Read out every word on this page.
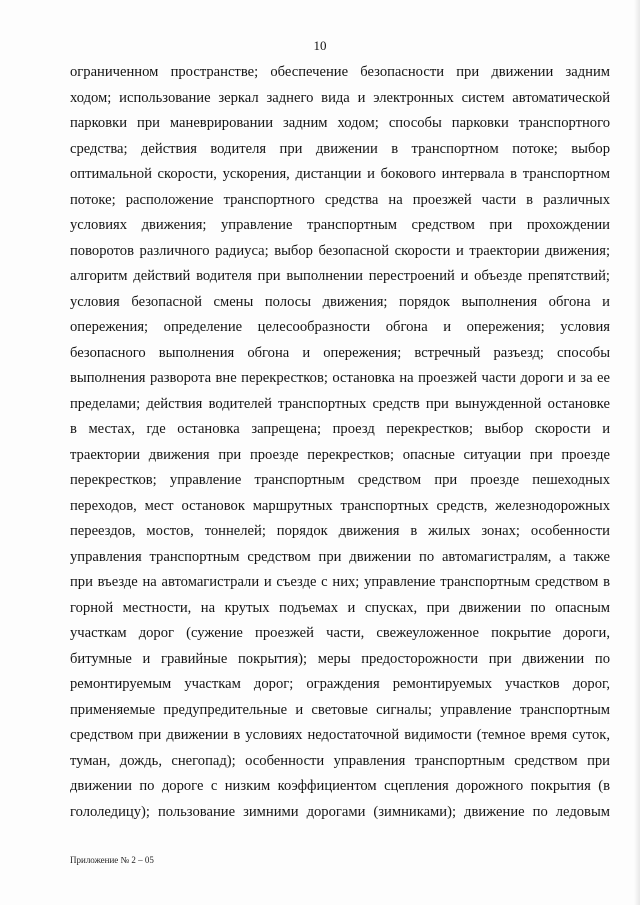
10
ограниченном пространстве; обеспечение безопасности при движении задним
ходом; использование зеркал заднего вида и электронных систем автоматической
парковки при маневрировании задним ходом; способы парковки транспортного
средства; действия водителя при движении в транспортном потоке; выбор
оптимальной скорости, ускорения, дистанции и бокового интервала в транспортном
потоке; расположение транспортного средства на проезжей части в различных
условиях движения; управление транспортным средством при прохождении
поворотов различного радиуса; выбор безопасной скорости и траектории движения;
алгоритм действий водителя при выполнении перестроений и объезде препятствий;
условия безопасной смены полосы движения; порядок выполнения обгона и
опережения; определение целесообразности обгона и опережения; условия
безопасного выполнения обгона и опережения; встречный разъезд; способы
выполнения разворота вне перекрестков; остановка на проезжей части дороги и за ее
пределами; действия водителей транспортных средств при вынужденной остановке
в местах, где остановка запрещена; проезд перекрестков; выбор скорости и
траектории движения при проезде перекрестков; опасные ситуации при проезде
перекрестков; управление транспортным средством при проезде пешеходных
переходов, мест остановок маршрутных транспортных средств, железнодорожных
переездов, мостов, тоннелей; порядок движения в жилых зонах; особенности
управления транспортным средством при движении по автомагистралям, а также
при въезде на автомагистрали и съезде с них; управление транспортным средством в
горной местности, на крутых подъемах и спусках, при движении по опасным
участкам дорог (сужение проезжей части, свежеуложенное покрытие дороги,
битумные и гравийные покрытия); меры предосторожности при движении по
ремонтируемым участкам дорог; ограждения ремонтируемых участков дорог,
применяемые предупредительные и световые сигналы; управление транспортным
средством при движении в условиях недостаточной видимости (темное время суток,
туман, дождь, снегопад); особенности управления транспортным средством при
движении по дороге с низким коэффициентом сцепления дорожного покрытия (в
гололедицу); пользование зимними дорогами (зимниками); движение по ледовым
Приложение № 2 – 05
